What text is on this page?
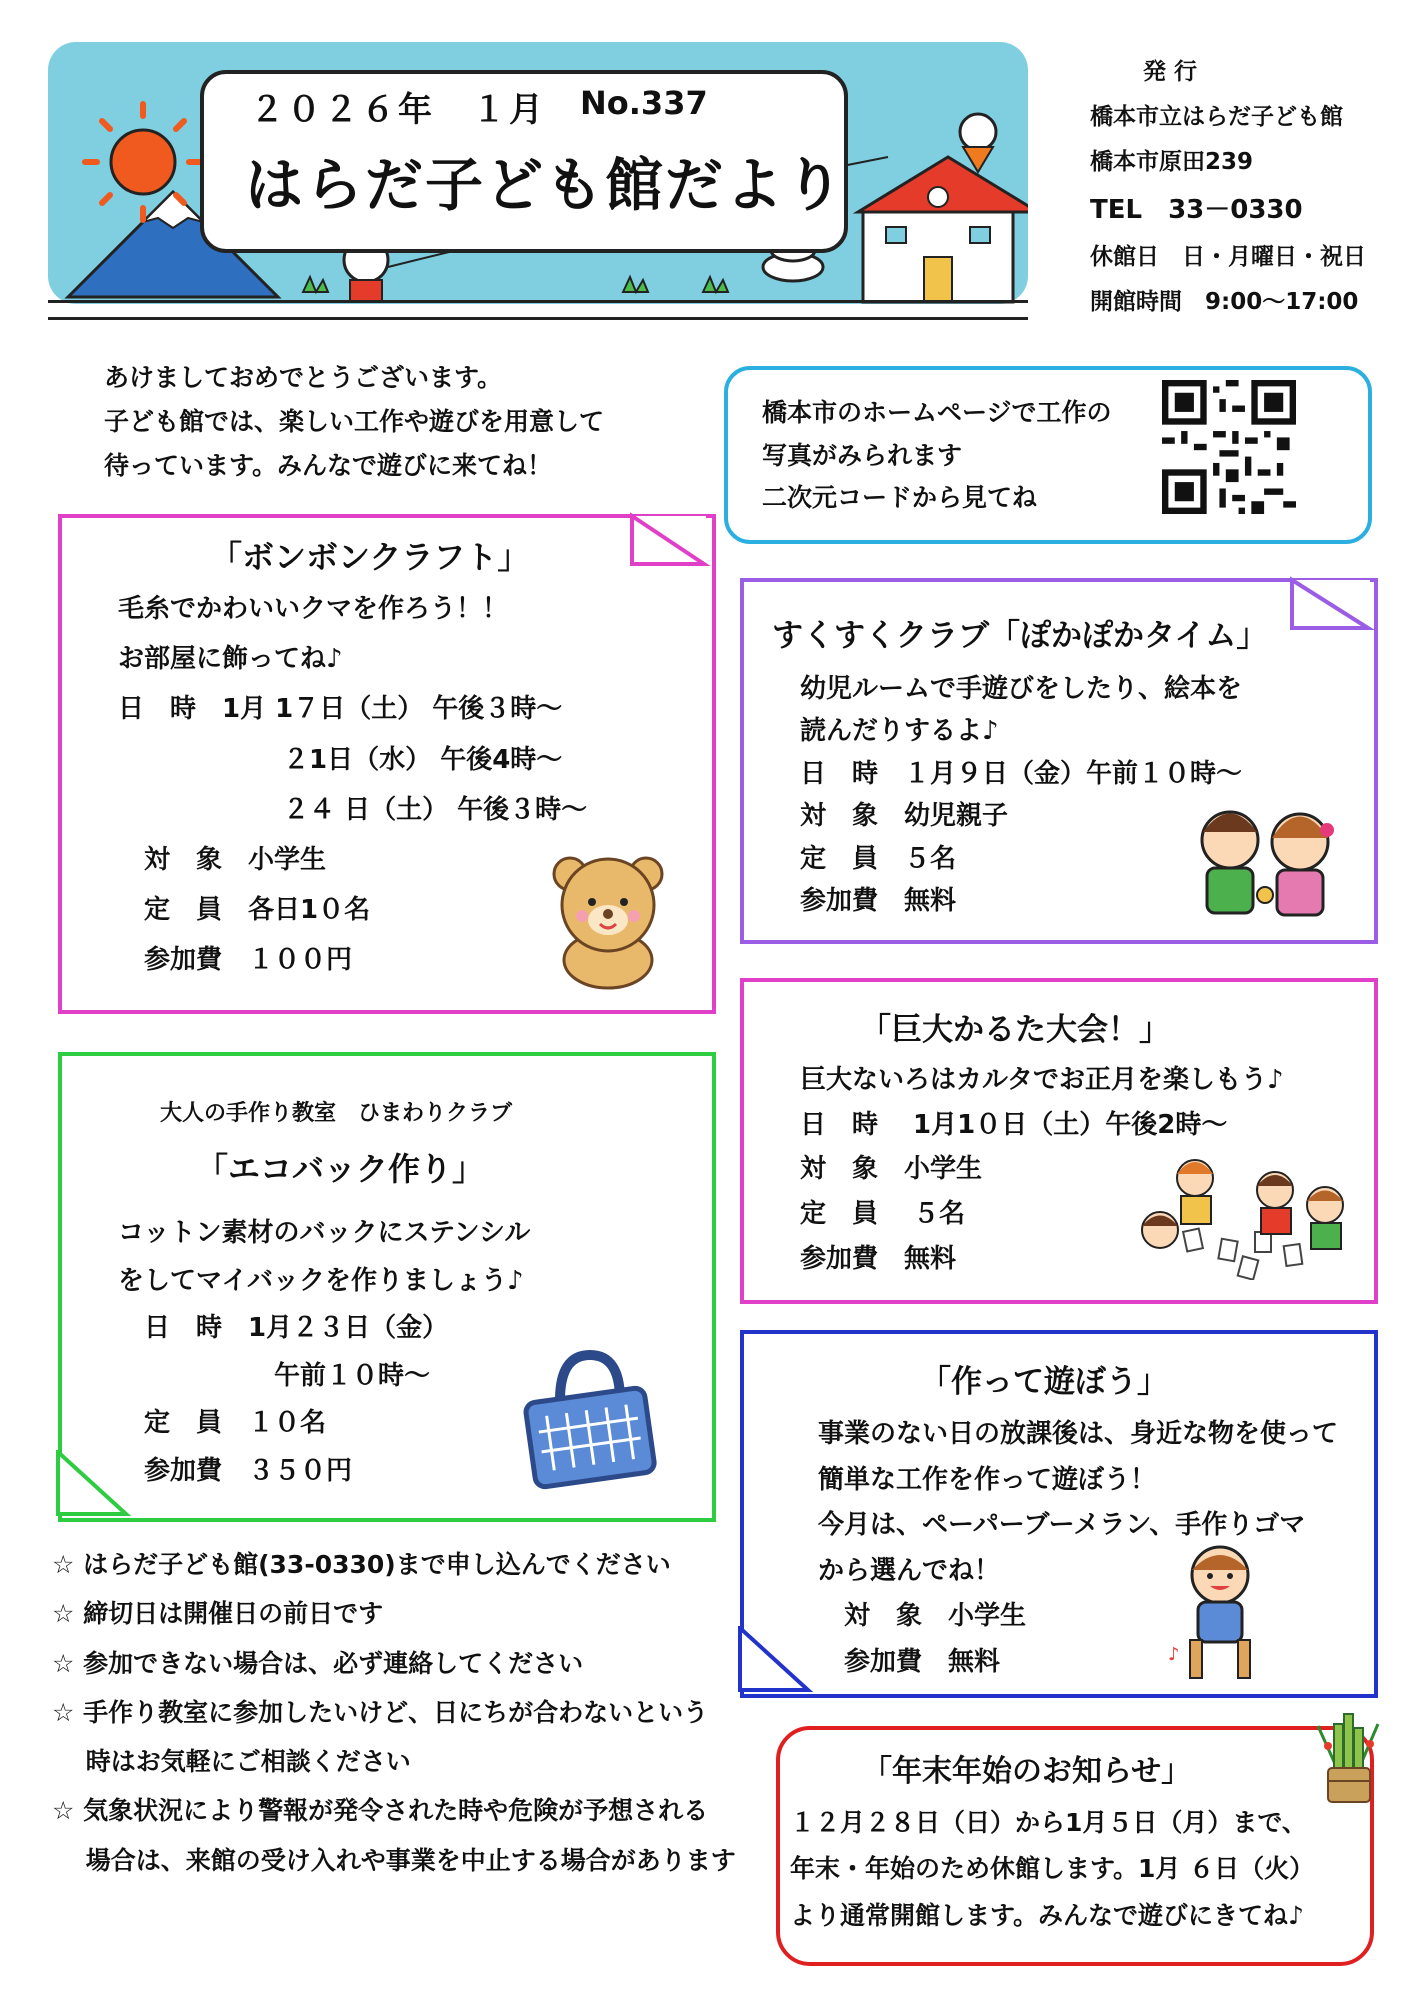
２０２６年　１月 No.337
はらだ子ども館だより
発 行
橋本市立はらだ子ども館
橋本市原田239
TEL　33－0330
休館日　日・月曜日・祝日
開館時間　9:00～17:00
あけましておめでとうございます。
子ども館では、楽しい工作や遊びを用意して
待っています。みんなで遊びに来てね！
橋本市のホームページで工作の
写真がみられます
二次元コードから見てね
「ボンボンクラフト」
毛糸でかわいいクマを作ろう！！
お部屋に飾ってね♪
日　時　1月 1７日（土） 午後３時～
　　　　　　 ２1日（水） 午後4時～
　　　　　　 ２４ 日（土） 午後３時～
　対　象　小学生
　定　員　各日1０名
　参加費　１００円
すくすくクラブ「ぽかぽかタイム」
幼児ルームで手遊びをしたり、絵本を
読んだりするよ♪
日　時　１月９日（金）午前１０時～
対　象　幼児親子
定　員　５名
参加費　無料
「巨大かるた大会！」
巨大ないろはカルタでお正月を楽しもう♪
日　時　 1月1０日（土）午後2時～
対　象　小学生
定　員　 ５名
参加費　無料
大人の手作り教室　ひまわりクラブ
「エコバック作り」
コットン素材のバックにステンシル
をしてマイバックを作りましょう♪
　日　時　1月２３日（金）
　　　　　　午前１０時～
　定　員　１０名
　参加費　３５０円
「作って遊ぼう」
事業のない日の放課後は、身近な物を使って
簡単な工作を作って遊ぼう！
今月は、ペーパーブーメラン、手作りゴマ
から選んでね！
　対　象　小学生
　参加費　無料	♪
☆ はらだ子ども館(33-0330)まで申し込んでください
☆ 締切日は開催日の前日です
☆ 参加できない場合は、必ず連絡してください
☆ 手作り教室に参加したいけど、日にちが合わないという
　 時はお気軽にご相談ください
☆ 気象状況により警報が発令された時や危険が予想される
　 場合は、来館の受け入れや事業を中止する場合があります
「年末年始のお知らせ」
１２月２８日（日）から1月５日（月）まで、
年末・年始のため休館します。1月 ６日（火）
より通常開館します。みんなで遊びにきてね♪
